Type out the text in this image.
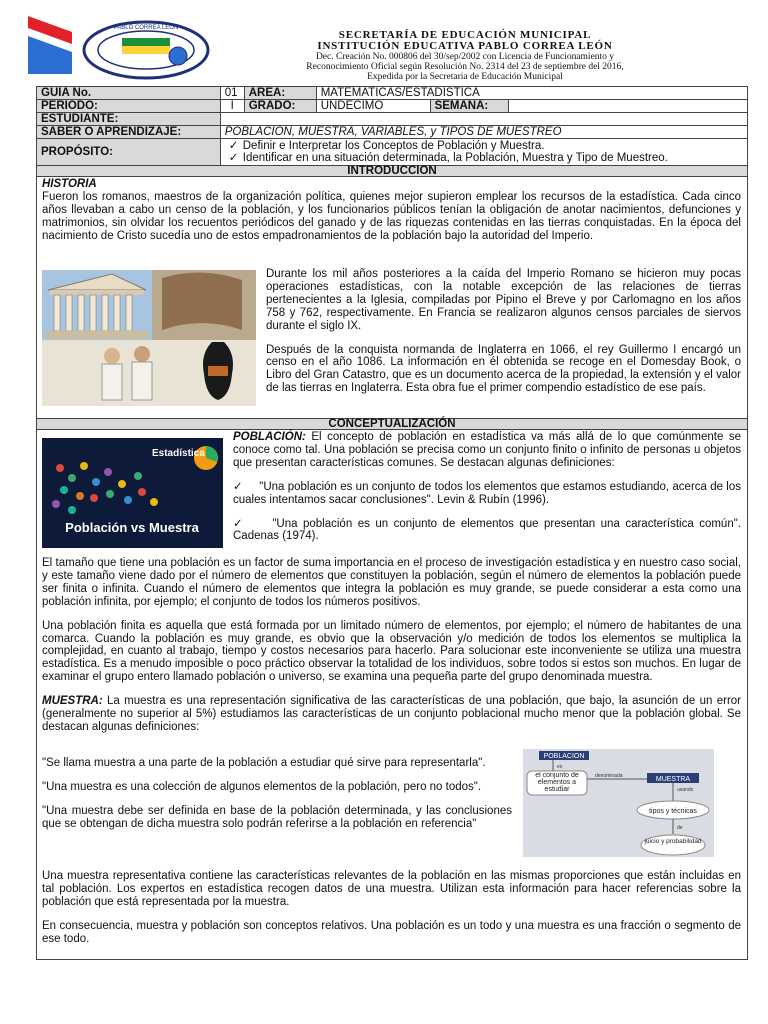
PABLO CORREA LEÓN
SECRETARÍA DE EDUCACIÓN MUNICIPAL
INSTITUCIÓN EDUCATIVA PABLO CORREA LEÓN
Dec. Creación No. 000806 del 30/sep/2002 con Licencia de Funcionamiento y
Reconocimiento Oficial según Resolución No. 2314 del 23 de septiembre del 2016,
Expedida por la Secretaria de Educación Municipal
GUIA No.	01	AREA:	MATEMATICAS/ESTADISTICA		
PERIODO:	I	GRADO:	UNDECIMO	SEMANA:	
ESTUDIANTE:					
SABER O APRENDIZAJE:	POBLACION, MUESTRA, VARIABLES, y TIPOS DE MUESTREO				
PROPÓSITO:	✓ Definir e Interpretar los Conceptos de Población y Muestra.
✓ Identificar en una situación determinada, la Población, Muestra y Tipo de Muestreo.				
INTRODUCCION
HISTORIA
Fueron los romanos, maestros de la organización política, quienes mejor supieron emplear los recursos de la estadística. Cada cinco años llevaban a cabo un censo de la población, y los funcionarios públicos tenían la obligación de anotar nacimientos, defunciones y matrimonios, sin olvidar los recuentos periódicos del ganado y de las riquezas contenidas en las tierras conquistadas. En la época del nacimiento de Cristo sucedía uno de estos empadronamientos de la población bajo la autoridad del Imperio.

Durante los mil años posteriores a la caída del Imperio Romano se hicieron muy pocas operaciones estadísticas, con la notable excepción de las relaciones de tierras pertenecientes a la Iglesia, compiladas por Pipino el Breve y por Carlomagno en los años 758 y 762, respectivamente. En Francia se realizaron algunos censos parciales de siervos durante el siglo IX.

Después de la conquista normanda de Inglaterra en 1066, el rey Guillermo I encargó un censo en el año 1086. La información en él obtenida se recoge en el Domesday Book, o Libro del Gran Catastro, que es un documento acerca de la propiedad, la extensión y el valor de las tierras en Inglaterra. Esta obra fue el primer compendio estadístico de ese país.

CONCEPTUALIZACIÓN
Estadística
Población vs Muestra

POBLACIÓN: El concepto de población en estadística va más allá de lo que comúnmente se conoce como tal. Una población se precisa como un conjunto finito o infinito de personas u objetos que presentan características comunes. Se destacan algunas definiciones:

✓ "Una población es un conjunto de todos los elementos que estamos estudiando, acerca de los cuales intentamos sacar conclusiones". Levin & Rubín (1996).

✓ "Una población es un conjunto de elementos que presentan una característica común". Cadenas (1974).

El tamaño que tiene una población es un factor de suma importancia en el proceso de investigación estadística y en nuestro caso social, y este tamaño viene dado por el número de elementos que constituyen la población, según el número de elementos la población puede ser finita o infinita. Cuando el número de elementos que integra la población es muy grande, se puede considerar a esta como una población infinita, por ejemplo; el conjunto de todos los números positivos.

Una población finita es aquella que está formada por un limitado número de elementos, por ejemplo; el número de habitantes de una comarca. Cuando la población es muy grande, es obvio que la observación y/o medición de todos los elementos se multiplica la complejidad, en cuanto al trabajo, tiempo y costos necesarios para hacerlo. Para solucionar este inconveniente se utiliza una muestra estadística. Es a menudo imposible o poco práctico observar la totalidad de los individuos, sobre todos si estos son muchos. En lugar de examinar el grupo entero llamado población o universo, se examina una pequeña parte del grupo denominada muestra.

MUESTRA: La muestra es una representación significativa de las características de una población, que bajo, la asunción de un error (generalmente no superior al 5%) estudiamos las características de un conjunto poblacional mucho menor que la población global. Se destacan algunas definiciones:

"Se llama muestra a una parte de la población a estudiar qué sirve para representarla".

"Una muestra es una colección de algunos elementos de la población, pero no todos".

"Una muestra debe ser definida en base de la población determinada, y las conclusiones que se obtengan de dicha muestra solo podrán referirse a la población en referencia"

POBLACION
es
el conjunto de elementos a estudiar
denominada	MUESTRA
usando
tipos y técnicas
de
juicio y probabilidad

Una muestra representativa contiene las características relevantes de la población en las mismas proporciones que están incluidas en tal población. Los expertos en estadística recogen datos de una muestra. Utilizan esta información para hacer referencias sobre la población que está representada por la muestra.

En consecuencia, muestra y población son conceptos relativos. Una población es un todo y una muestra es una fracción o segmento de ese todo.
